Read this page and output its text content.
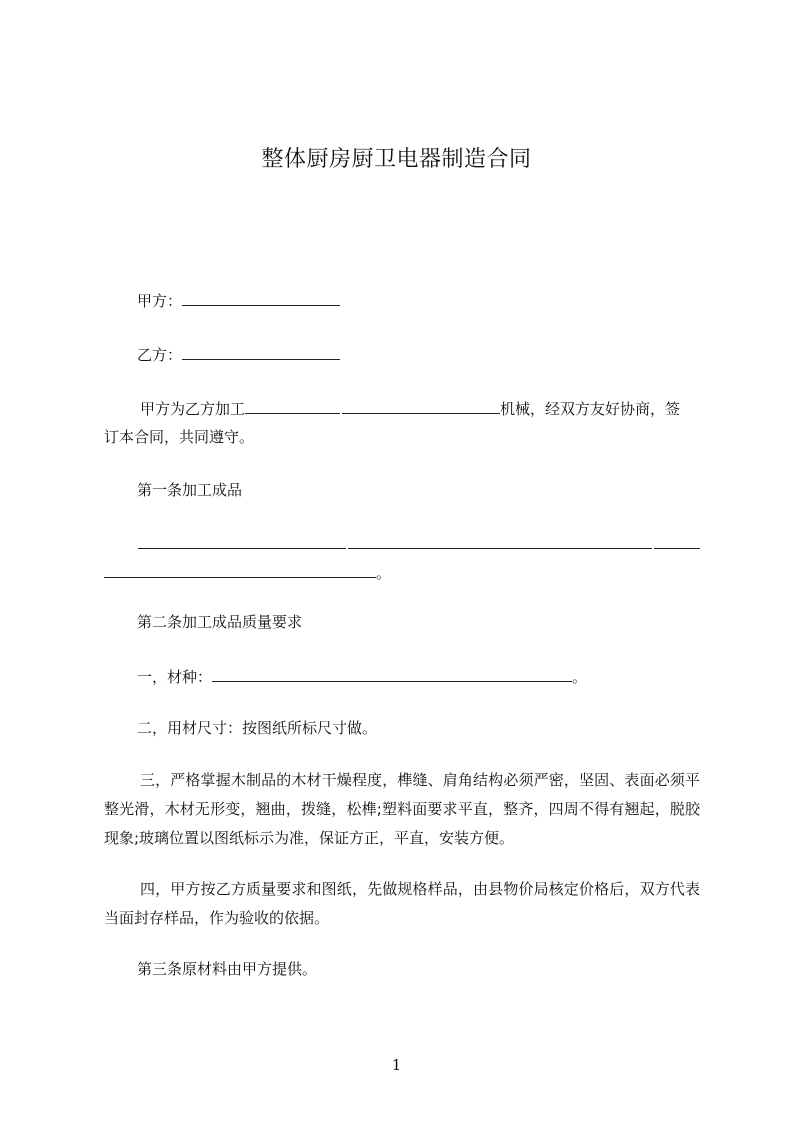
整体厨房厨卫电器制造合同
甲方：
乙方：
甲方为乙方加工	机械，经双方友好协商，签
订本合同，共同遵守。
第一条加工成品
。
第二条加工成品质量要求
一，材种：	。
二，用材尺寸：按图纸所标尺寸做。
三，严格掌握木制品的木材干燥程度，榫缝、肩角结构必须严密，坚固、表面必须平整光滑，木材无形变，翘曲，拨缝，松榫;塑料面要求平直，整齐，四周不得有翘起，脱胶现象;玻璃位置以图纸标示为准，保证方正，平直，安装方便。
四，甲方按乙方质量要求和图纸，先做规格样品，由县物价局核定价格后，双方代表当面封存样品，作为验收的依据。
第三条原材料由甲方提供。
1
